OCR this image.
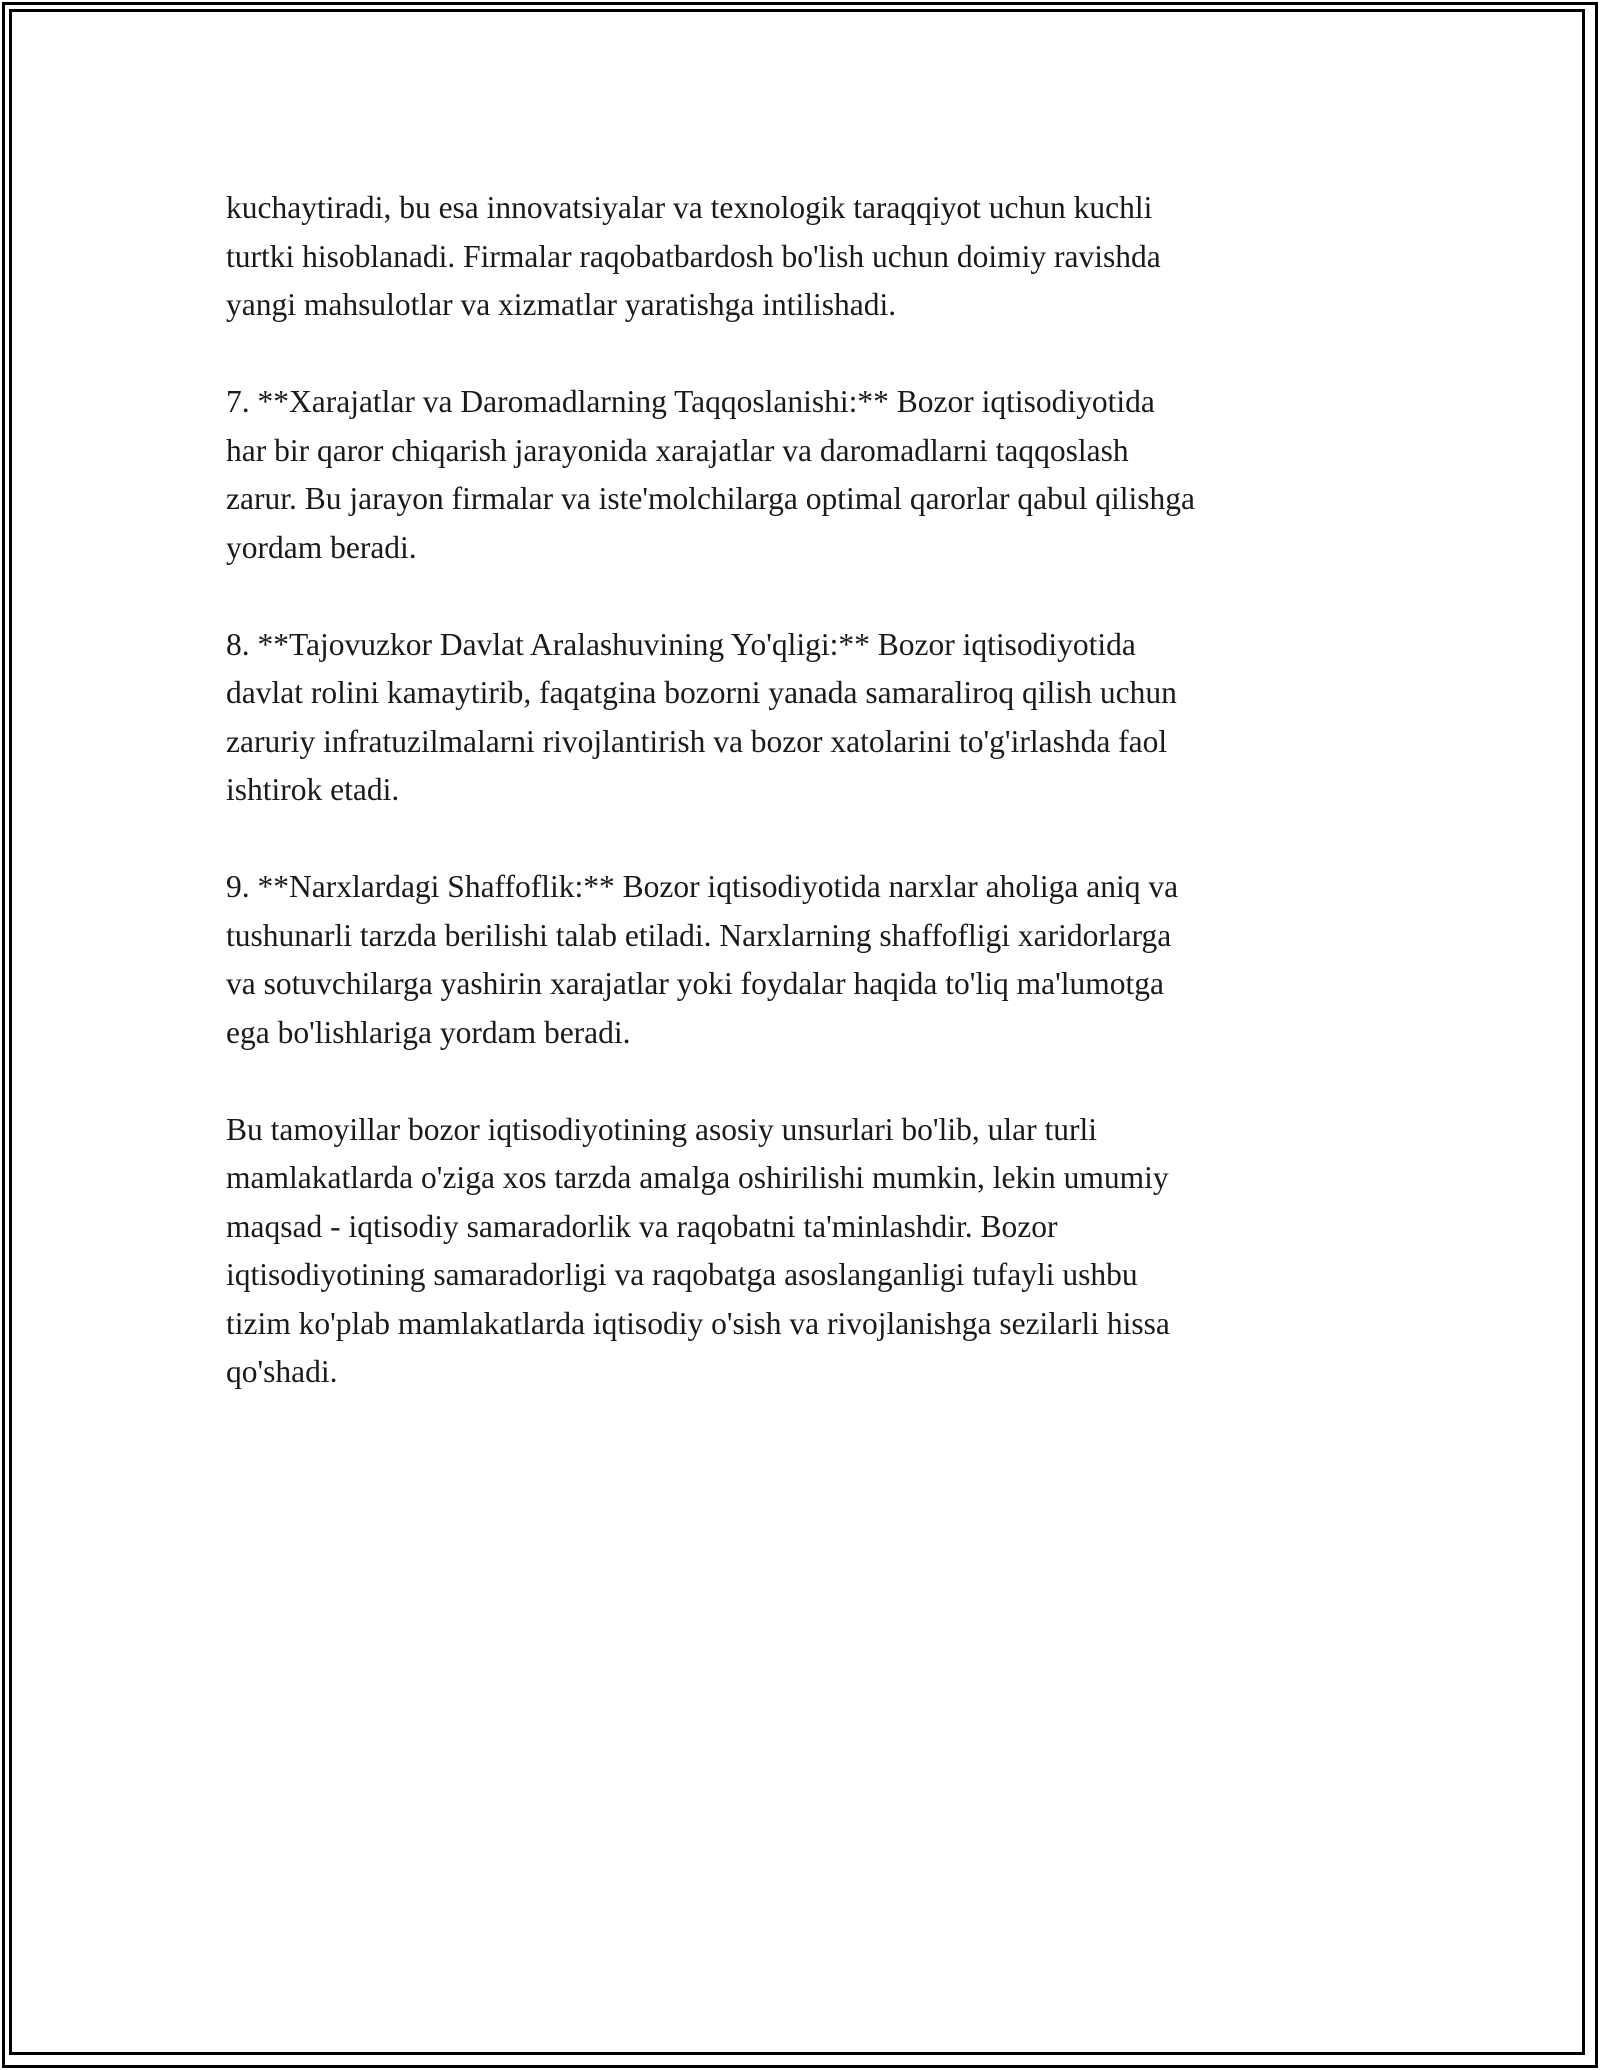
kuchaytiradi, bu esa innovatsiyalar va texnologik taraqqiyot uchun kuchli
turtki hisoblanadi. Firmalar raqobatbardosh bo'lish uchun doimiy ravishda
yangi mahsulotlar va xizmatlar yaratishga intilishadi.

7. **Xarajatlar va Daromadlarning Taqqoslanishi:** Bozor iqtisodiyotida
har bir qaror chiqarish jarayonida xarajatlar va daromadlarni taqqoslash
zarur. Bu jarayon firmalar va iste'molchilarga optimal qarorlar qabul qilishga
yordam beradi.

8. **Tajovuzkor Davlat Aralashuvining Yo'qligi:** Bozor iqtisodiyotida
davlat rolini kamaytirib, faqatgina bozorni yanada samaraliroq qilish uchun
zaruriy infratuzilmalarni rivojlantirish va bozor xatolarini to'g'irlashda faol
ishtirok etadi.

9. **Narxlardagi Shaffoflik:** Bozor iqtisodiyotida narxlar aholiga aniq va
tushunarli tarzda berilishi talab etiladi. Narxlarning shaffofligi xaridorlarga
va sotuvchilarga yashirin xarajatlar yoki foydalar haqida to'liq ma'lumotga
ega bo'lishlariga yordam beradi.

Bu tamoyillar bozor iqtisodiyotining asosiy unsurlari bo'lib, ular turli
mamlakatlarda o'ziga xos tarzda amalga oshirilishi mumkin, lekin umumiy
maqsad - iqtisodiy samaradorlik va raqobatni ta'minlashdir. Bozor
iqtisodiyotining samaradorligi va raqobatga asoslanganligi tufayli ushbu
tizim ko'plab mamlakatlarda iqtisodiy o'sish va rivojlanishga sezilarli hissa
qo'shadi.
